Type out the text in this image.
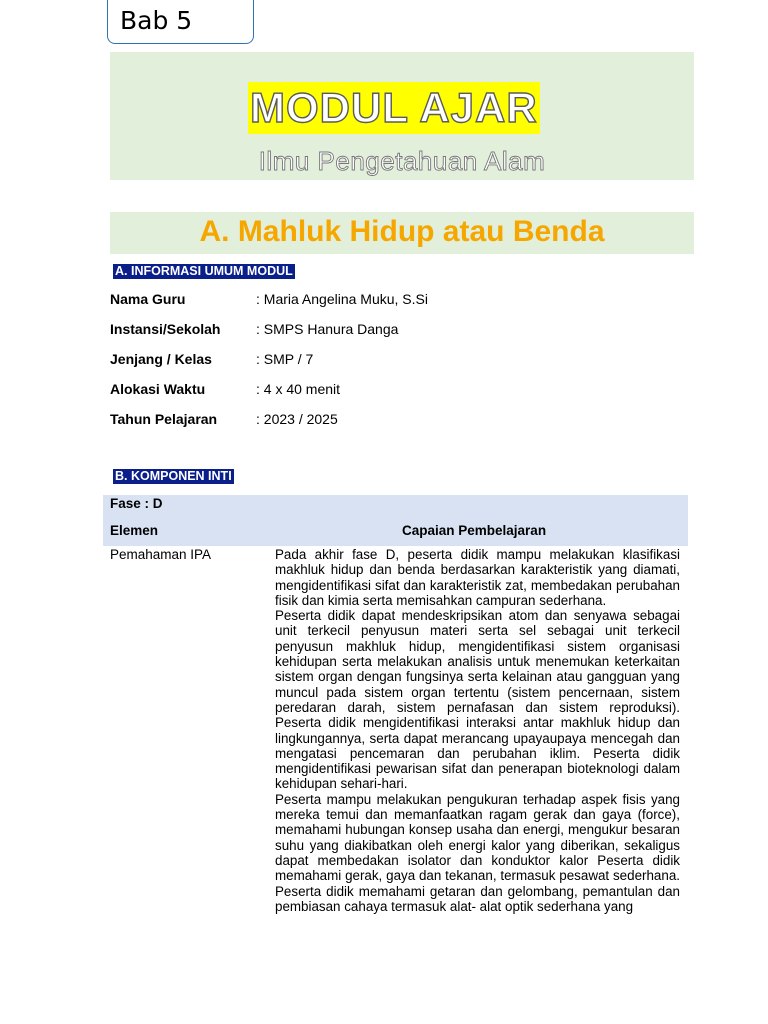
Bab 5
MODUL AJAR
Ilmu Pengetahuan Alam
A. Mahluk Hidup atau Benda
A. INFORMASI UMUM MODUL
Nama Guru	: Maria Angelina Muku, S.Si
Instansi/Sekolah	: SMPS Hanura Danga
Jenjang / Kelas	: SMP / 7
Alokasi Waktu	: 4 x 40 menit
Tahun Pelajaran	: 2023 / 2025
B. KOMPONEN INTI
Fase : D
Elemen	Capaian Pembelajaran
Pemahaman IPA	Pada akhir fase D, peserta didik mampu melakukan klasifikasi makhluk hidup dan benda berdasarkan karakteristik yang diamati, mengidentifikasi sifat dan karakteristik zat, membedakan perubahan fisik dan kimia serta memisahkan campuran sederhana.

Peserta didik dapat mendeskripsikan atom dan senyawa sebagai unit terkecil penyusun materi serta sel sebagai unit terkecil penyusun makhluk hidup, mengidentifikasi sistem organisasi kehidupan serta melakukan analisis untuk menemukan keterkaitan sistem organ dengan fungsinya serta kelainan atau gangguan yang muncul pada sistem organ tertentu (sistem pencernaan, sistem peredaran darah, sistem pernafasan dan sistem reproduksi). Peserta didik mengidentifikasi interaksi antar makhluk hidup dan lingkungannya, serta dapat merancang upayaupaya mencegah dan mengatasi pencemaran dan perubahan iklim. Peserta didik mengidentifikasi pewarisan sifat dan penerapan bioteknologi dalam kehidupan sehari-hari.

Peserta mampu melakukan pengukuran terhadap aspek fisis yang mereka temui dan memanfaatkan ragam gerak dan gaya (force), memahami hubungan konsep usaha dan energi, mengukur besaran suhu yang diakibatkan oleh energi kalor yang diberikan, sekaligus dapat membedakan isolator dan konduktor kalor Peserta didik memahami gerak, gaya dan tekanan, termasuk pesawat sederhana. Peserta didik memahami getaran dan gelombang, pemantulan dan pembiasan cahaya termasuk alat- alat optik sederhana yang
